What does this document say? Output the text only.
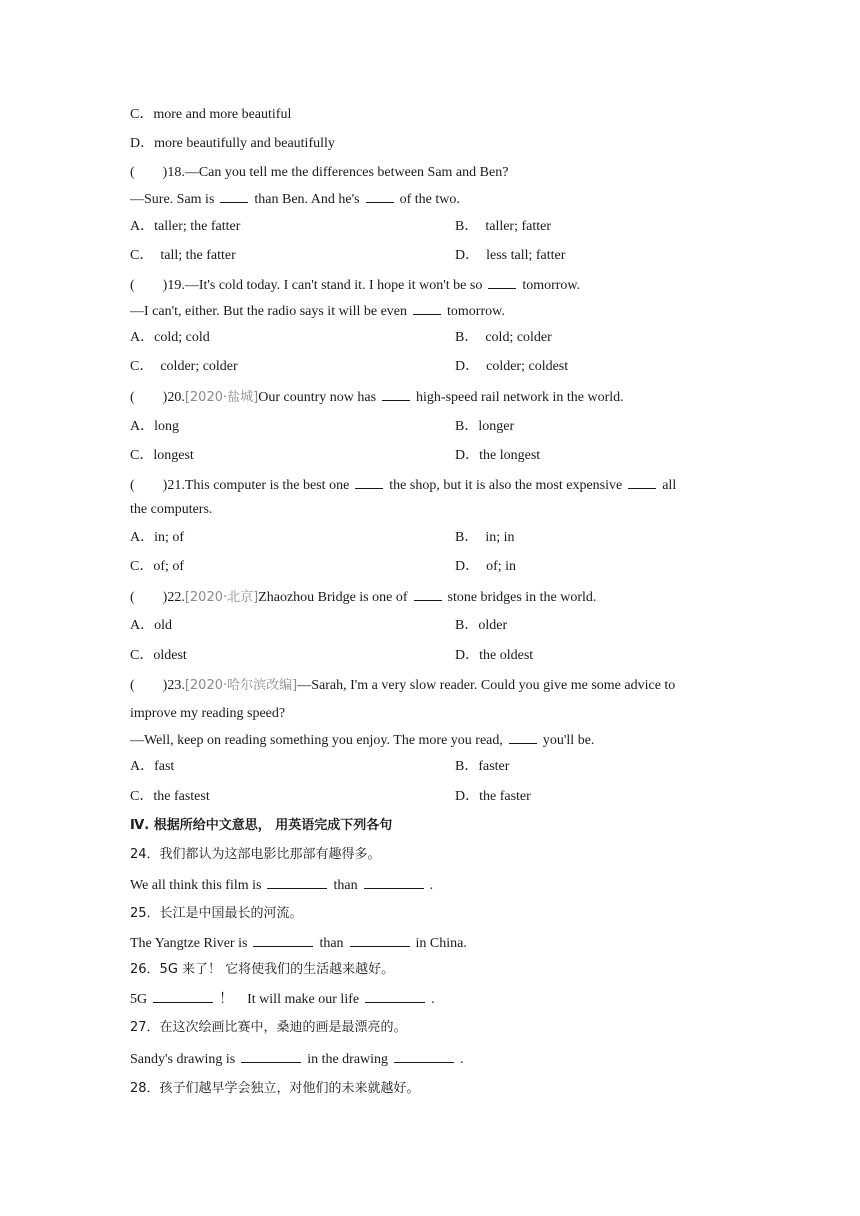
C．more and more beautiful
D．more beautifully and beautifully
(　　)18.—Can you tell me the differences between Sam and Ben?
—Sure. Sam is	than Ben. And he's	of the two.
A．taller; the fatter	B．　taller; fatter
C．　tall; the fatter	D．　less tall; fatter
(　　)19.—It's cold today. I can't stand it. I hope it won't be so	tomorrow.
—I can't, either. But the radio says it will be even	tomorrow.
A．cold; cold	B．　cold; colder
C．　colder; colder	D．　colder; coldest
(　　)20.[2020·盐城]Our country now has	high-speed rail network in the world.
A．long	B．longer
C．longest	D．the longest
(　　)21.This computer is the best one	the shop, but it is also the most expensive	all
the computers.
A．in; of	B．　in; in
C．of; of	D．　of; in
(　　)22.[2020·北京]Zhaozhou Bridge is one of	stone bridges in the world.
A．old	B．older
C．oldest	D．the oldest
(　　)23.[2020·哈尔滨改编]—Sarah, I'm a very slow reader. Could you give me some advice to
improve my reading speed?
—Well, keep on reading something you enjoy. The more you read,	you'll be.
A．fast	B．faster
C．the fastest	D．the faster
Ⅳ. 根据所给中文意思， 用英语完成下列各句
24．我们都认为这部电影比那部有趣得多。
We all think this film is	than	.
25．长江是中国最长的河流。
The Yangtze River is	than	in China.
26．5G 来了！ 它将使我们的生活越来越好。
5G	！　It will make our life	.
27．在这次绘画比赛中，桑迪的画是最漂亮的。
Sandy's drawing is	in the drawing	.
28．孩子们越早学会独立，对他们的未来就越好。
